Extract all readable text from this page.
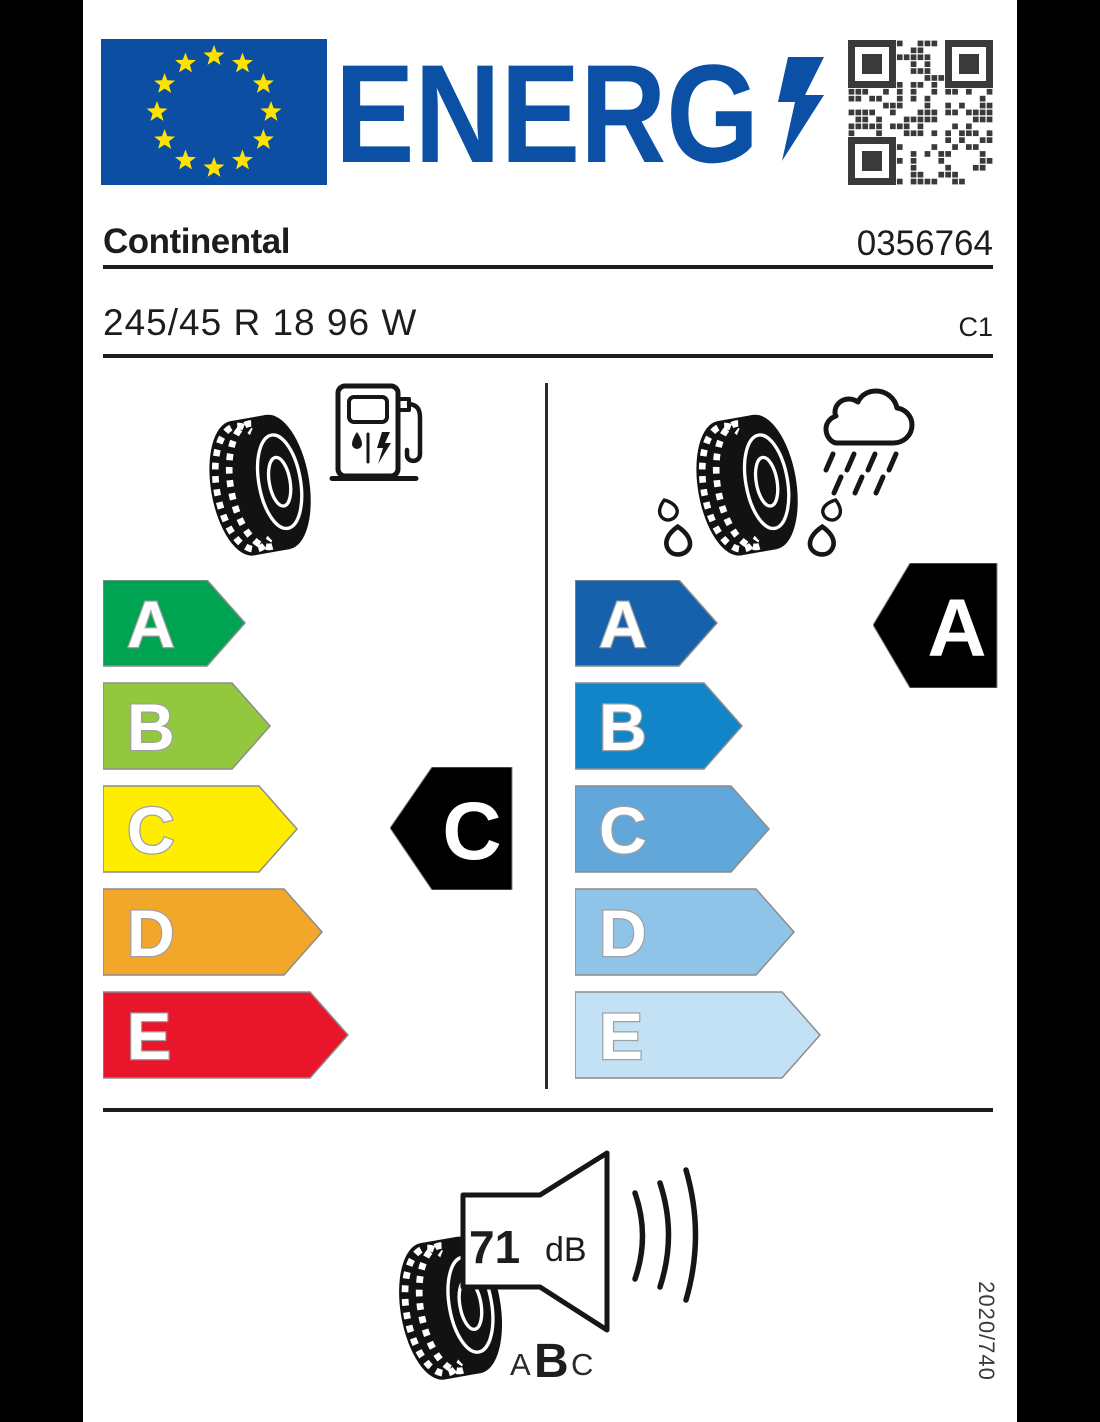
ENERG
Continental	0356764
245/45 R 18 96 W	C1
A
B
C
D
E
C
A
B
C
D
E
A
71 dB
A B C	2020/740
